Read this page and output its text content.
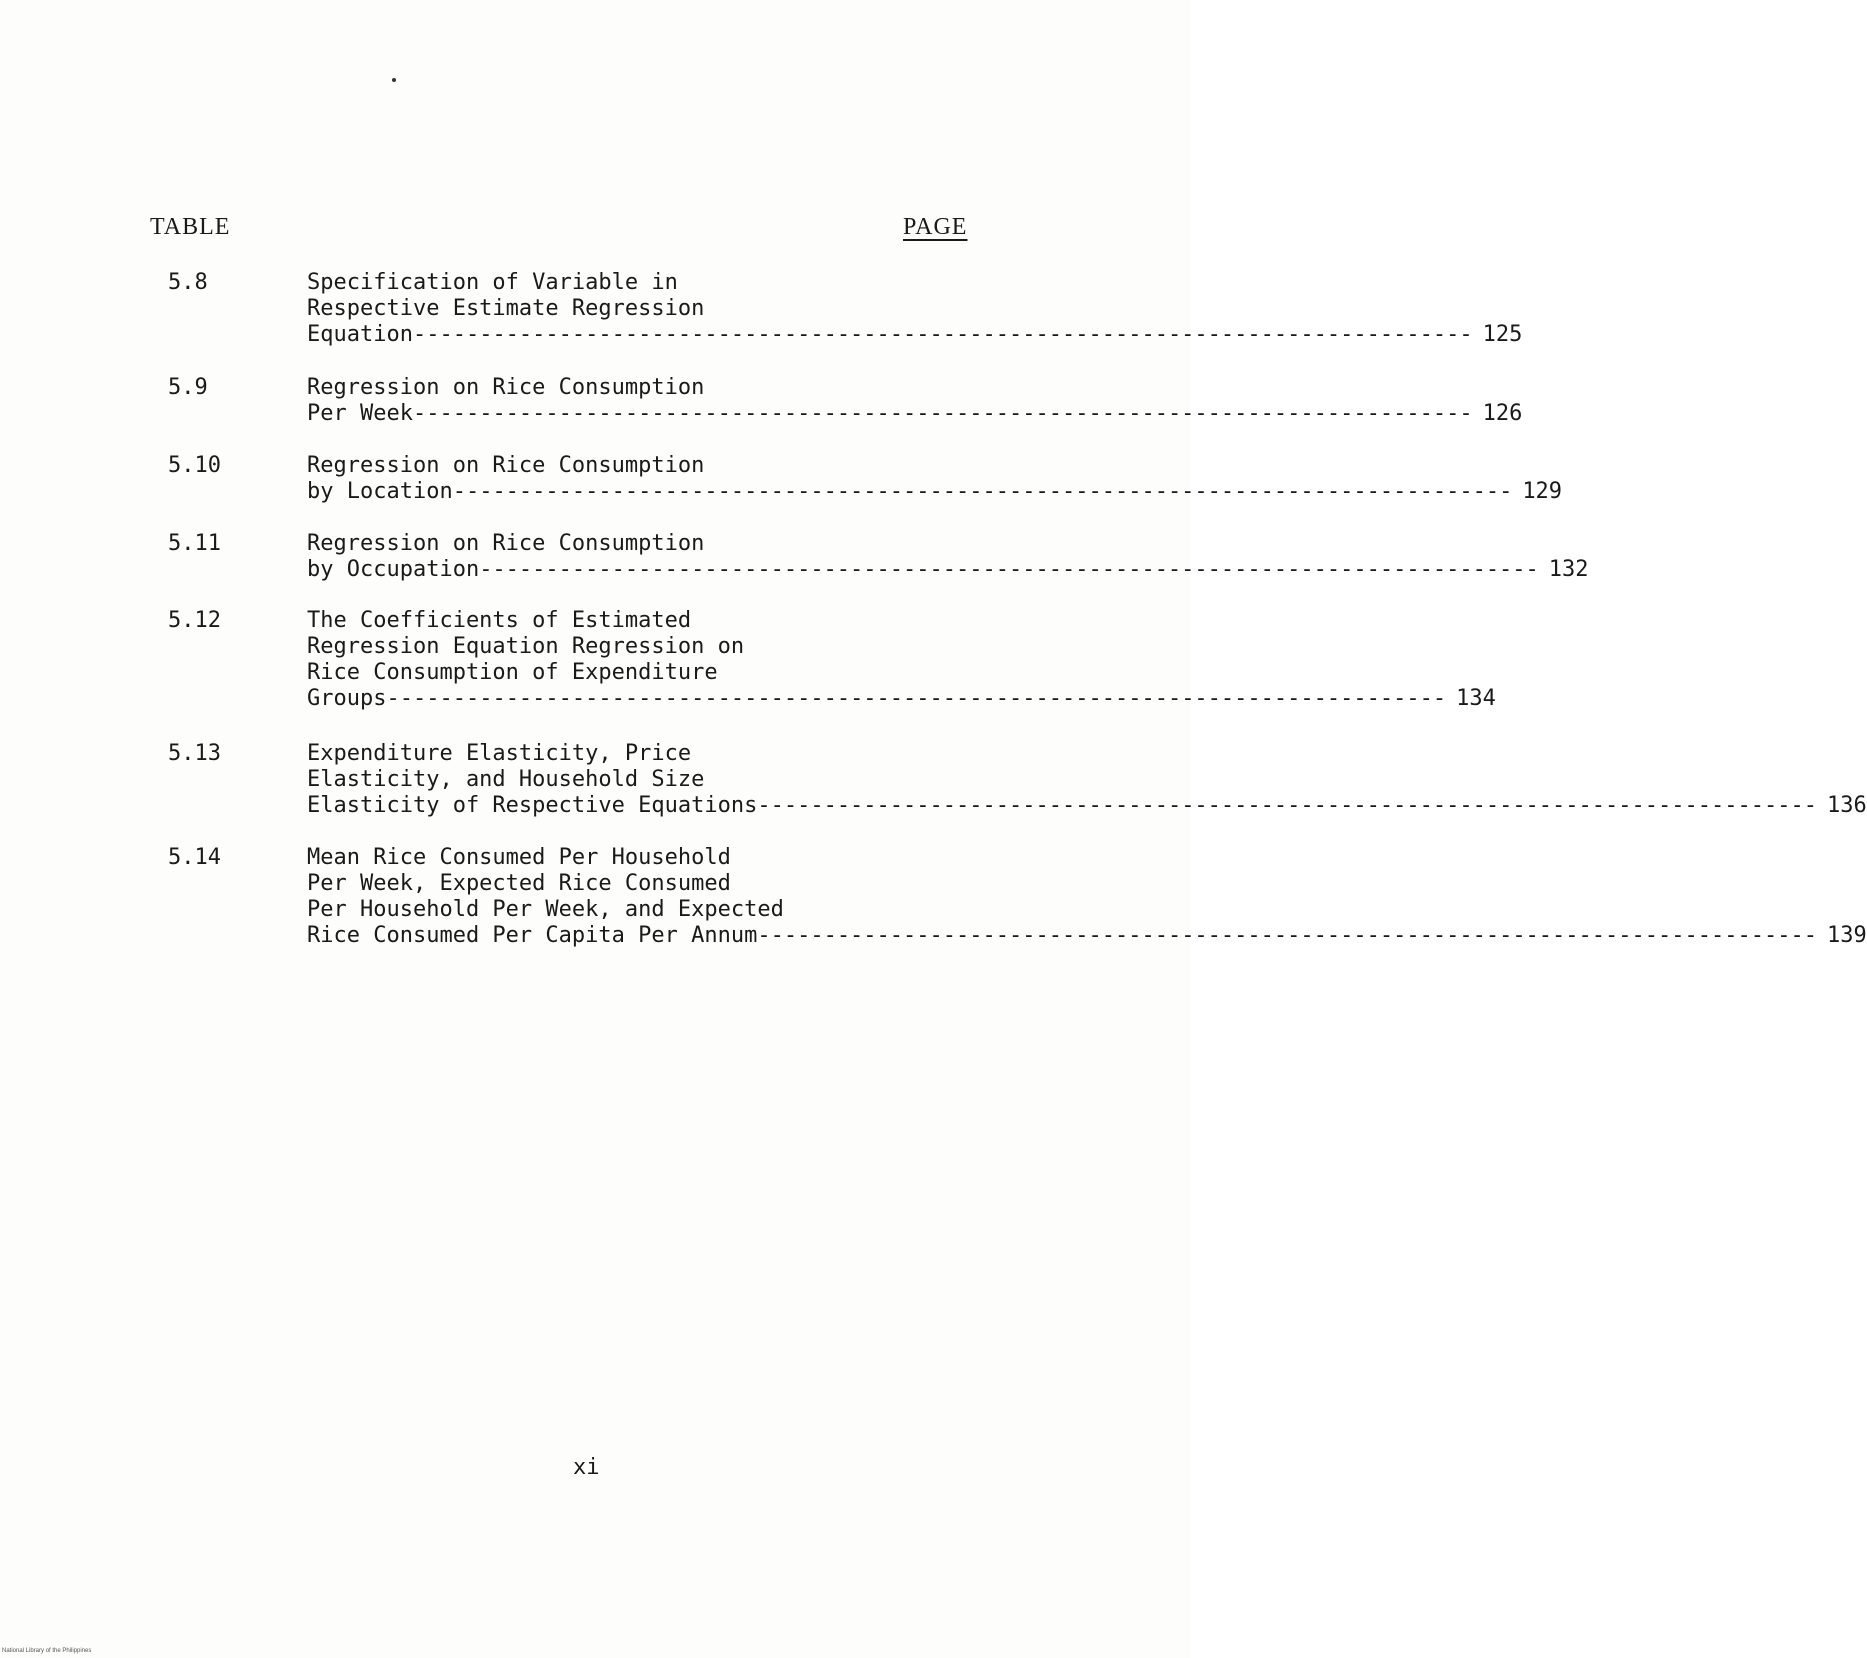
TABLE	PAGE
5.8	Specification of Variable in
Respective Estimate Regression
Equation -------------------------------------------------------------------------------- 125
5.9	Regression on Rice Consumption
Per Week -------------------------------------------------------------------------------- 126
5.10	Regression on Rice Consumption
by Location -------------------------------------------------------------------------------- 129
5.11	Regression on Rice Consumption
by Occupation -------------------------------------------------------------------------------- 132
5.12	The Coefficients of Estimated
Regression Equation Regression on
Rice Consumption of Expenditure
Groups -------------------------------------------------------------------------------- 134
5.13	Expenditure Elasticity, Price
Elasticity, and Household Size
Elasticity of Respective Equations -------------------------------------------------------------------------------- 136
5.14	Mean Rice Consumed Per Household
Per Week, Expected Rice Consumed
Per Household Per Week, and Expected
Rice Consumed Per Capita Per Annum -------------------------------------------------------------------------------- 139
xi
National Library of the Philippines
